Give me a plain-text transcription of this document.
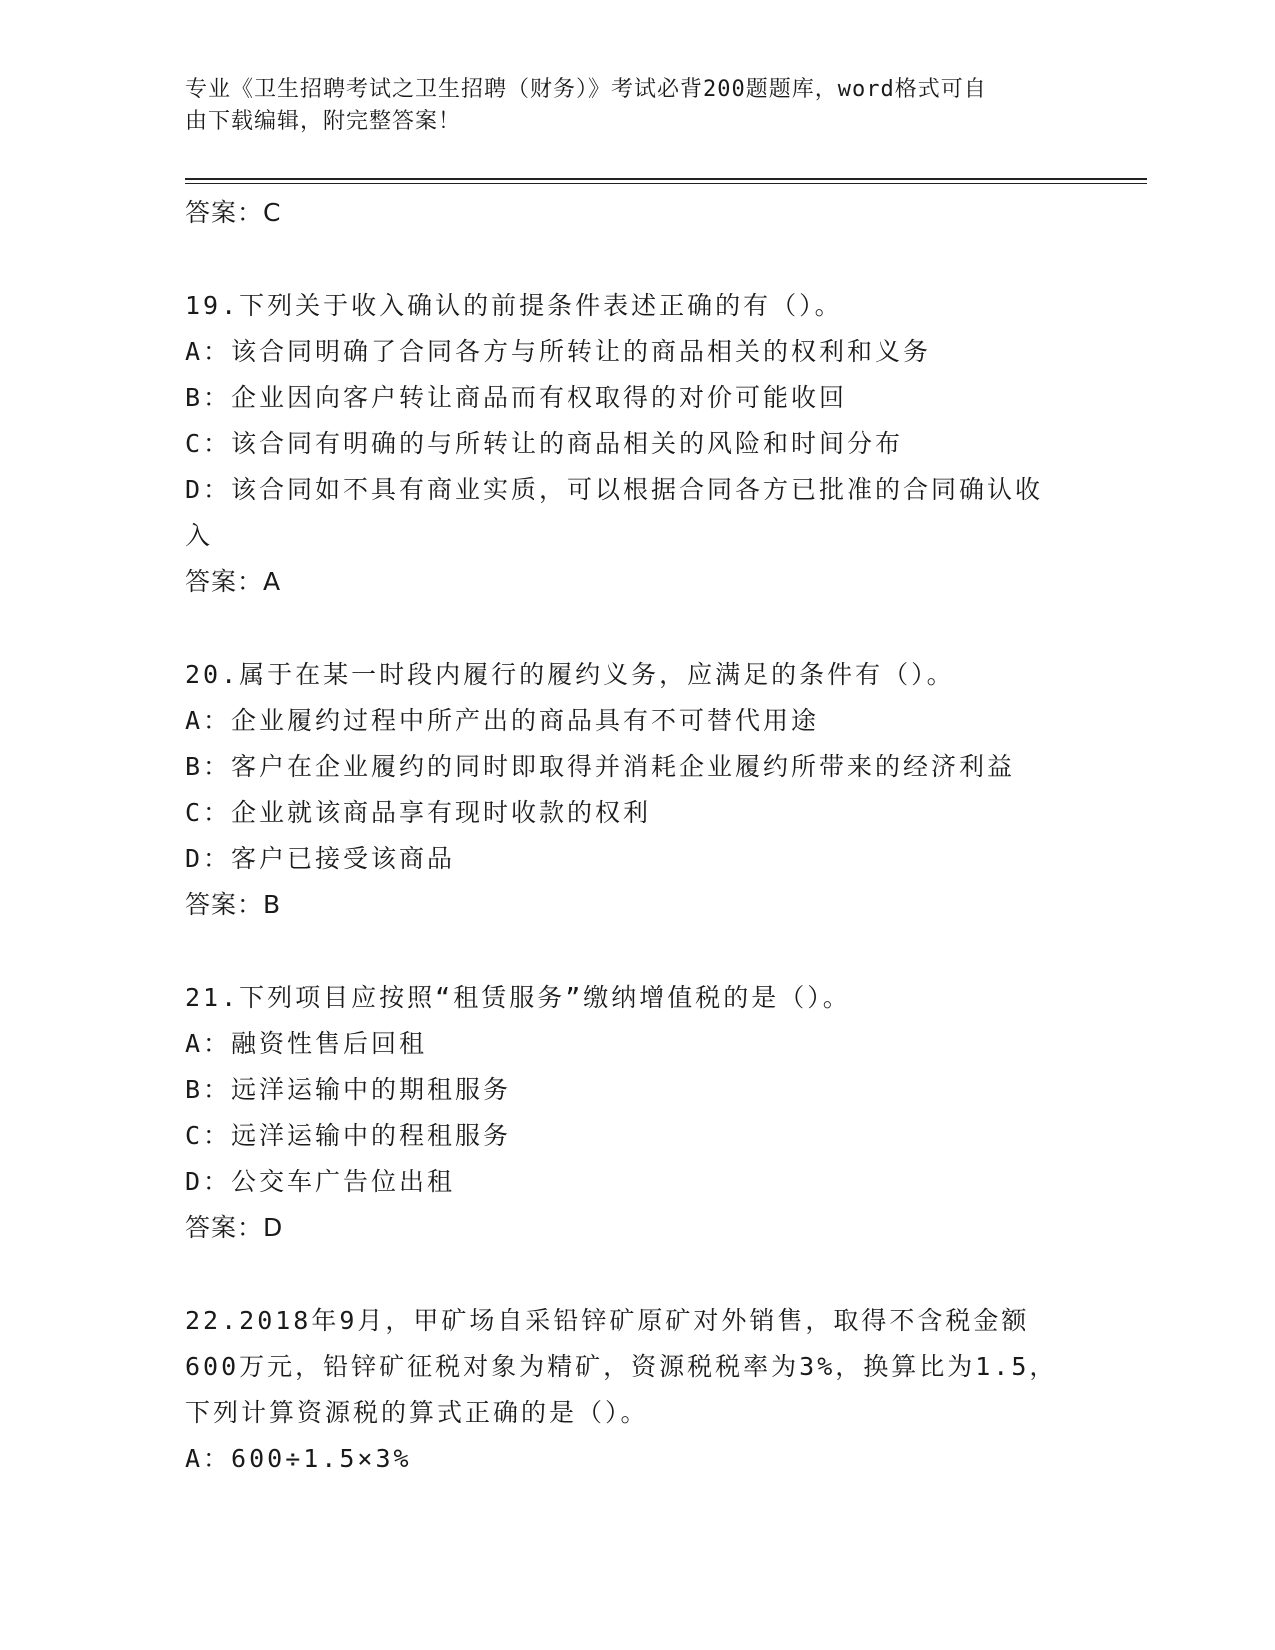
专业《卫生招聘考试之卫生招聘（财务）》考试必背200题题库，word格式可自
由下载编辑，附完整答案！

答案：C

19.下列关于收入确认的前提条件表述正确的有（）。

A：该合同明确了合同各方与所转让的商品相关的权利和义务

B：企业因向客户转让商品而有权取得的对价可能收回

C：该合同有明确的与所转让的商品相关的风险和时间分布

D：该合同如不具有商业实质，可以根据合同各方已批准的合同确认收

入

答案：A

20.属于在某一时段内履行的履约义务，应满足的条件有（）。

A：企业履约过程中所产出的商品具有不可替代用途

B：客户在企业履约的同时即取得并消耗企业履约所带来的经济利益

C：企业就该商品享有现时收款的权利

D：客户已接受该商品

答案：B

21.下列项目应按照“租赁服务”缴纳增值税的是（）。

A：融资性售后回租

B：远洋运输中的期租服务

C：远洋运输中的程租服务

D：公交车广告位出租

答案：D

22.2018年9月，甲矿场自采铅锌矿原矿对外销售，取得不含税金额

600万元，铅锌矿征税对象为精矿，资源税税率为3%，换算比为1.5，

下列计算资源税的算式正确的是（）。

A：600÷1.5×3%
